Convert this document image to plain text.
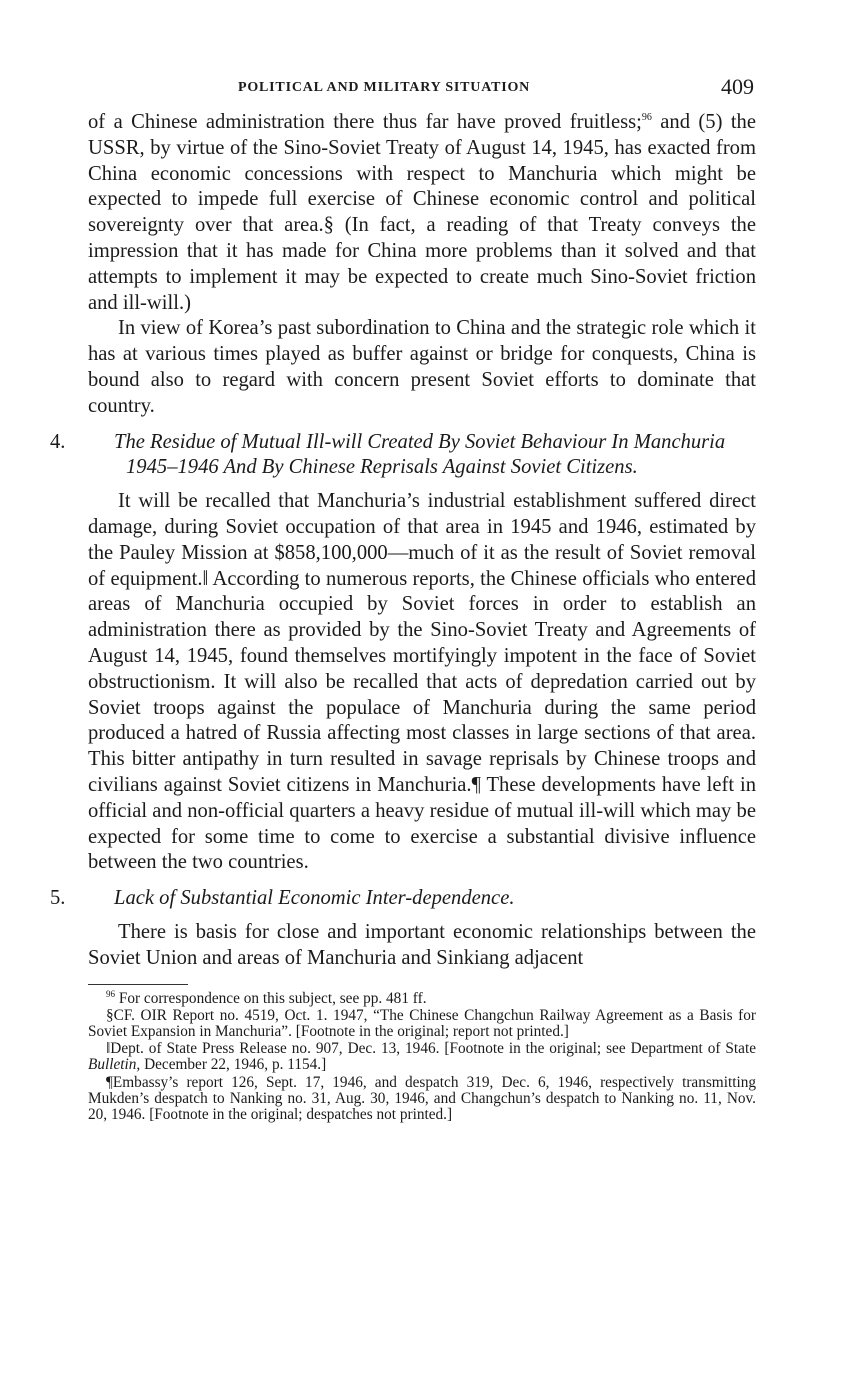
POLITICAL AND MILITARY SITUATION	409

of a Chinese administration there thus far have proved fruitless;$^{96}$ and (5) the USSR, by virtue of the Sino-Soviet Treaty of August 14, 1945, has exacted from China economic concessions with respect to Manchuria which might be expected to impede full exercise of Chinese economic control and political sovereignty over that area.§ (In fact, a reading of that Treaty conveys the impression that it has made for China more problems than it solved and that attempts to implement it may be expected to create much Sino-Soviet friction and ill-will.)

In view of Korea’s past subordination to China and the strategic role which it has at various times played as buffer against or bridge for conquests, China is bound also to regard with concern present Soviet efforts to dominate that country.

4. The Residue of Mutual Ill-will Created By Soviet Behaviour In Manchuria 1945–1946 And By Chinese Reprisals Against Soviet Citizens.

It will be recalled that Manchuria’s industrial establishment suffered direct damage, during Soviet occupation of that area in 1945 and 1946, estimated by the Pauley Mission at $858,100,000—much of it as the result of Soviet removal of equipment.‖ According to numerous reports, the Chinese officials who entered areas of Manchuria occupied by Soviet forces in order to establish an administration there as provided by the Sino-Soviet Treaty and Agreements of August 14, 1945, found themselves mortifyingly impotent in the face of Soviet obstructionism. It will also be recalled that acts of depredation carried out by Soviet troops against the populace of Manchuria during the same period produced a hatred of Russia affecting most classes in large sections of that area. This bitter antipathy in turn resulted in savage reprisals by Chinese troops and civilians against Soviet citizens in Manchuria.¶ These developments have left in official and non-official quarters a heavy residue of mutual ill-will which may be expected for some time to come to exercise a substantial divisive influence between the two countries.

5. Lack of Substantial Economic Inter-dependence.

There is basis for close and important economic relationships between the Soviet Union and areas of Manchuria and Sinkiang adjacent

$^{96}$ For correspondence on this subject, see pp. 481 ff.

§CF. OIR Report no. 4519, Oct. 1. 1947, “The Chinese Changchun Railway Agreement as a Basis for Soviet Expansion in Manchuria”. [Footnote in the original; report not printed.]

‖Dept. of State Press Release no. 907, Dec. 13, 1946. [Footnote in the original; see Department of State Bulletin, December 22, 1946, p. 1154.]

¶Embassy’s report 126, Sept. 17, 1946, and despatch 319, Dec. 6, 1946, respectively transmitting Mukden’s despatch to Nanking no. 31, Aug. 30, 1946, and Changchun’s despatch to Nanking no. 11, Nov. 20, 1946. [Footnote in the original; despatches not printed.]
